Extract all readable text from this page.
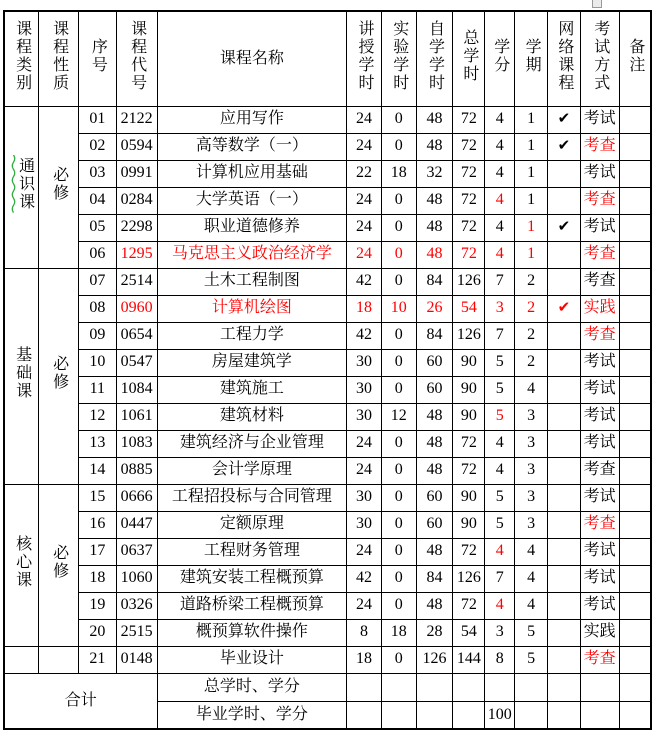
课程类别	课程性质	序号	课程代号	课程名称	讲授学时	实验学时	自学学时	总学时	学分	学期	网络课程	考试方式	备注

通识课	必修	01	2122	应用写作	24	0	48	72	4	1	✔	考试	
		02	0594	高等数学（一）	24	0	48	72	4	1	✔	考查	
		03	0991	计算机应用基础	22	18	32	72	4	1		考试	
		04	0284	大学英语（一）	24	0	48	72	4	1		考查	
		05	2298	职业道德修养	24	0	48	72	4	1	✔	考试	
		06	1295	马克思主义政治经济学	24	0	48	72	4	1		考查	

基础课	必修	07	2514	土木工程制图	42	0	84	126	7	2		考查	
		08	0960	计算机绘图	18	10	26	54	3	2	✔	实践	
		09	0654	工程力学	42	0	84	126	7	2		考查	
		10	0547	房屋建筑学	30	0	60	90	5	2		考试	
		11	1084	建筑施工	30	0	60	90	5	4		考试	
		12	1061	建筑材料	30	12	48	90	5	3		考试	
		13	1083	建筑经济与企业管理	24	0	48	72	4	3		考试	
		14	0885	会计学原理	24	0	48	72	4	3		考查	

核心课	必修	15	0666	工程招投标与合同管理	30	0	60	90	5	3		考试	
		16	0447	定额原理	30	0	60	90	5	3		考查	
		17	0637	工程财务管理	24	0	48	72	4	4		考试	
		18	1060	建筑安装工程概预算	42	0	84	126	7	4		考试	
		19	0326	道路桥梁工程概预算	24	0	48	72	4	4		考试	
		20	2515	概预算软件操作	8	18	28	54	3	5		实践	
		21	0148	毕业设计	18	0	126	144	8	5		考查	
合计				总学时、学分									
				毕业学时、学分					100				
